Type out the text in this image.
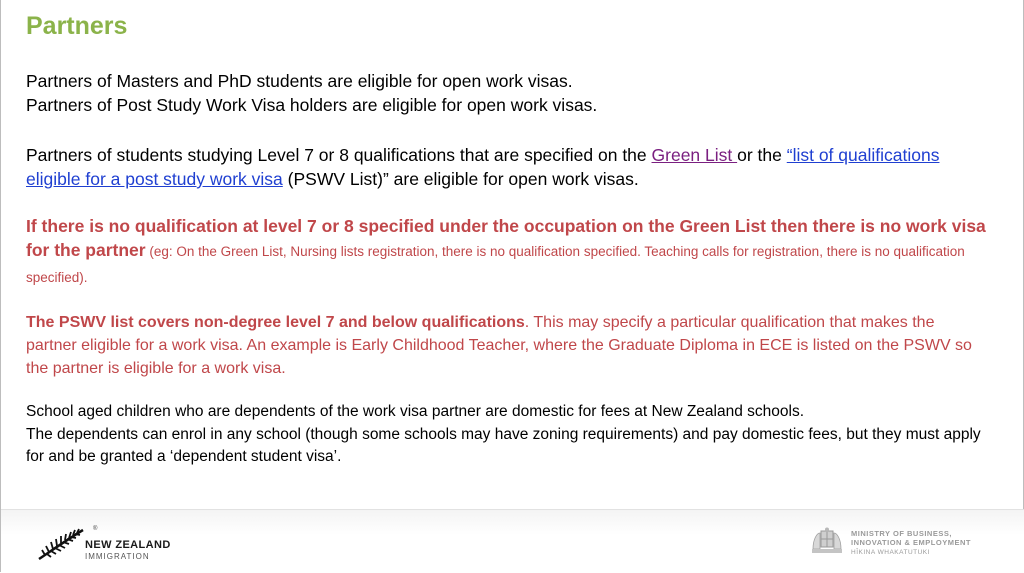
Partners

Partners of Masters and PhD students are eligible for open work visas.
Partners of Post Study Work Visa holders are eligible for open work visas.

Partners of students studying Level 7 or 8 qualifications that are specified on the Green List or the “list of qualifications eligible for a post study work visa (PSWV List)” are eligible for open work visas.

If there is no qualification at level 7 or 8 specified under the occupation on the Green List then there is no work visa for the partner (eg: On the Green List, Nursing lists registration, there is no qualification specified. Teaching calls for registration, there is no qualification specified).

The PSWV list covers non-degree level 7 and below qualifications. This may specify a particular qualification that makes the partner eligible for a work visa. An example is Early Childhood Teacher, where the Graduate Diploma in ECE is listed on the PSWV so the partner is eligible for a work visa.

School aged children who are dependents of the work visa partner are domestic for fees at New Zealand schools.
The dependents can enrol in any school (though some schools may have zoning requirements) and pay domestic fees, but they must apply for and be granted a ‘dependent student visa’.

®
NEW ZEALAND
IMMIGRATION
MINISTRY OF BUSINESS,
INNOVATION & EMPLOYMENT
HĪKINA WHAKATUTUKI
